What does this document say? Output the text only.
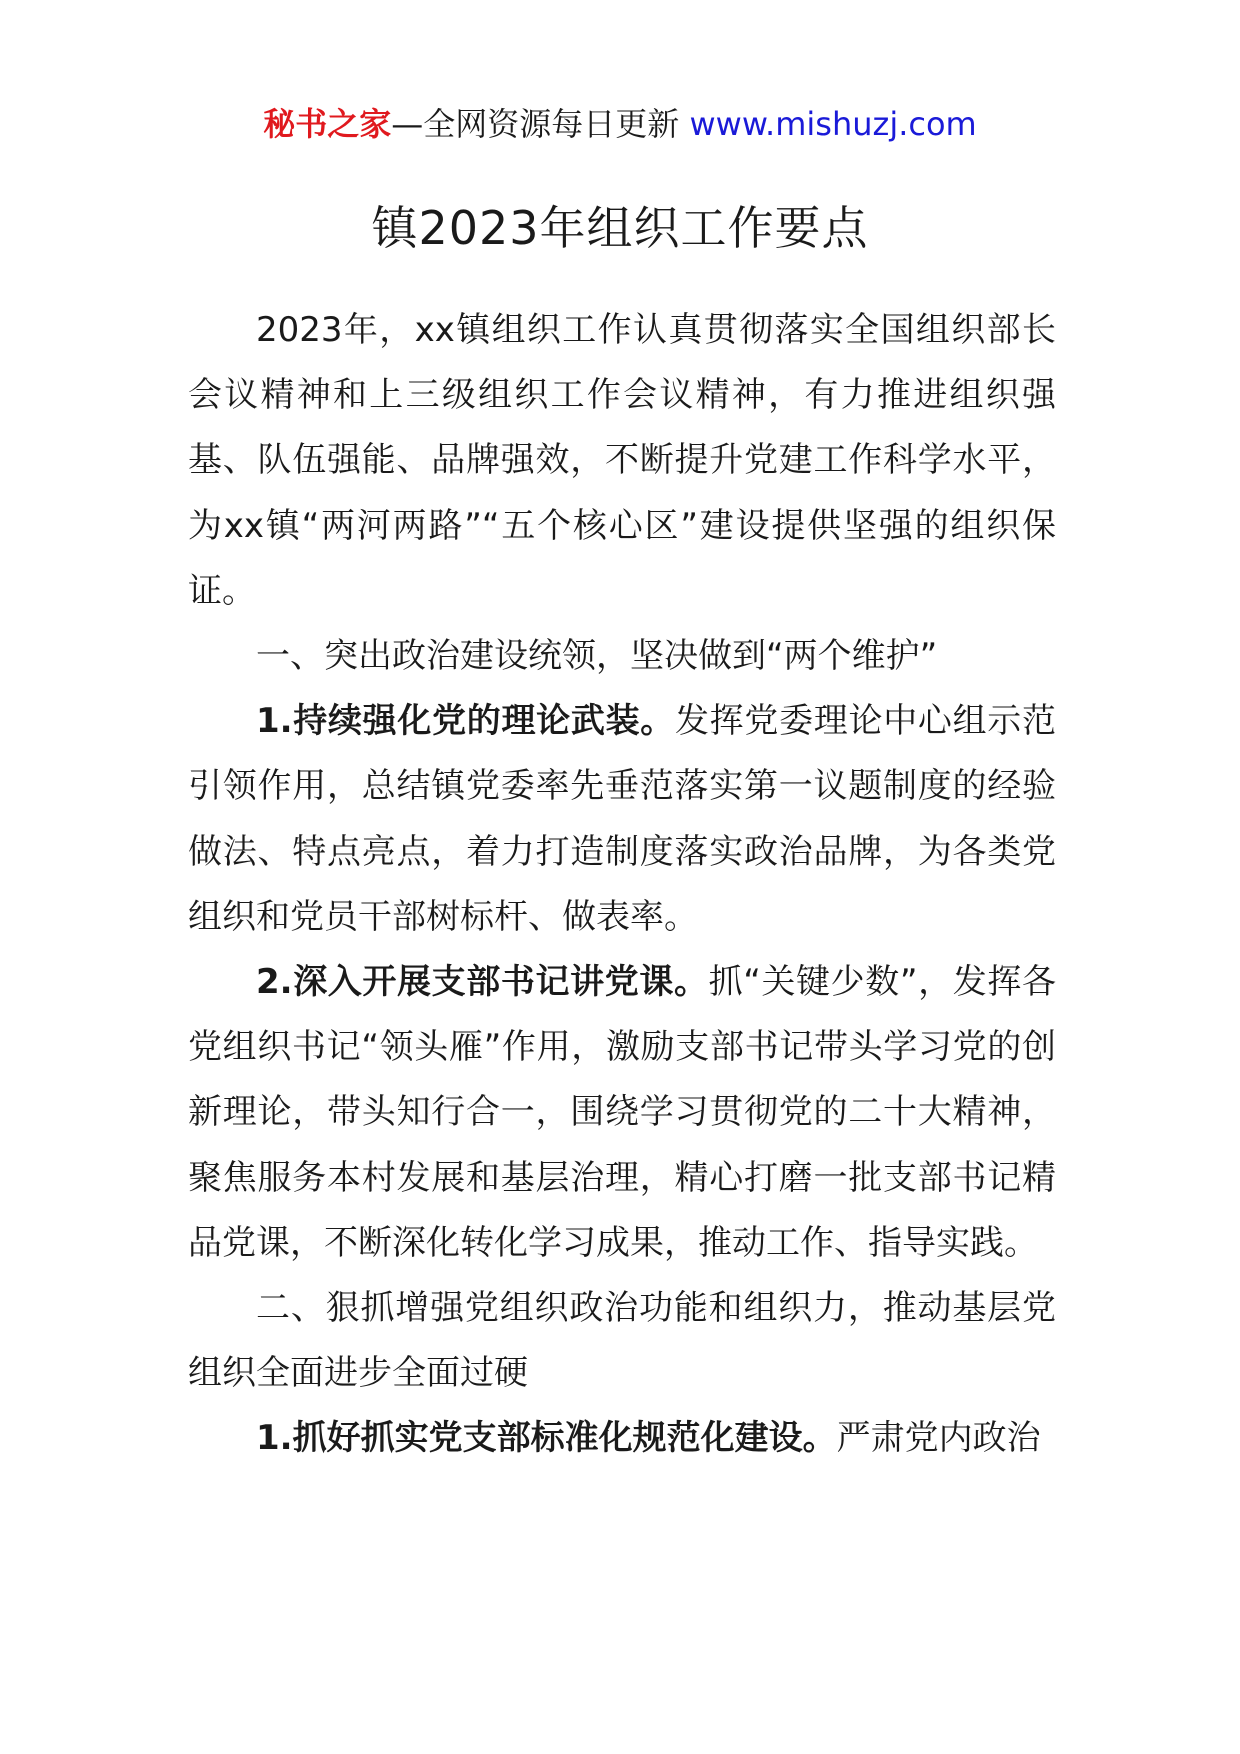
秘书之家—全网资源每日更新 www.mishuzj.com
镇2023年组织工作要点

2023年，xx镇组织工作认真贯彻落实全国组织部长会议精神和上三级组织工作会议精神，有力推进组织强基、队伍强能、品牌强效，不断提升党建工作科学水平，为xx镇“两河两路”“五个核心区”建设提供坚强的组织保证。

一、突出政治建设统领，坚决做到“两个维护”

1.持续强化党的理论武装。发挥党委理论中心组示范引领作用，总结镇党委率先垂范落实第一议题制度的经验做法、特点亮点，着力打造制度落实政治品牌，为各类党组织和党员干部树标杆、做表率。

2.深入开展支部书记讲党课。抓“关键少数”，发挥各党组织书记“领头雁”作用，激励支部书记带头学习党的创新理论，带头知行合一，围绕学习贯彻党的二十大精神，聚焦服务本村发展和基层治理，精心打磨一批支部书记精品党课，不断深化转化学习成果，推动工作、指导实践。

二、狠抓增强党组织政治功能和组织力，推动基层党组织全面进步全面过硬

1.抓好抓实党支部标准化规范化建设。严肃党内政治
